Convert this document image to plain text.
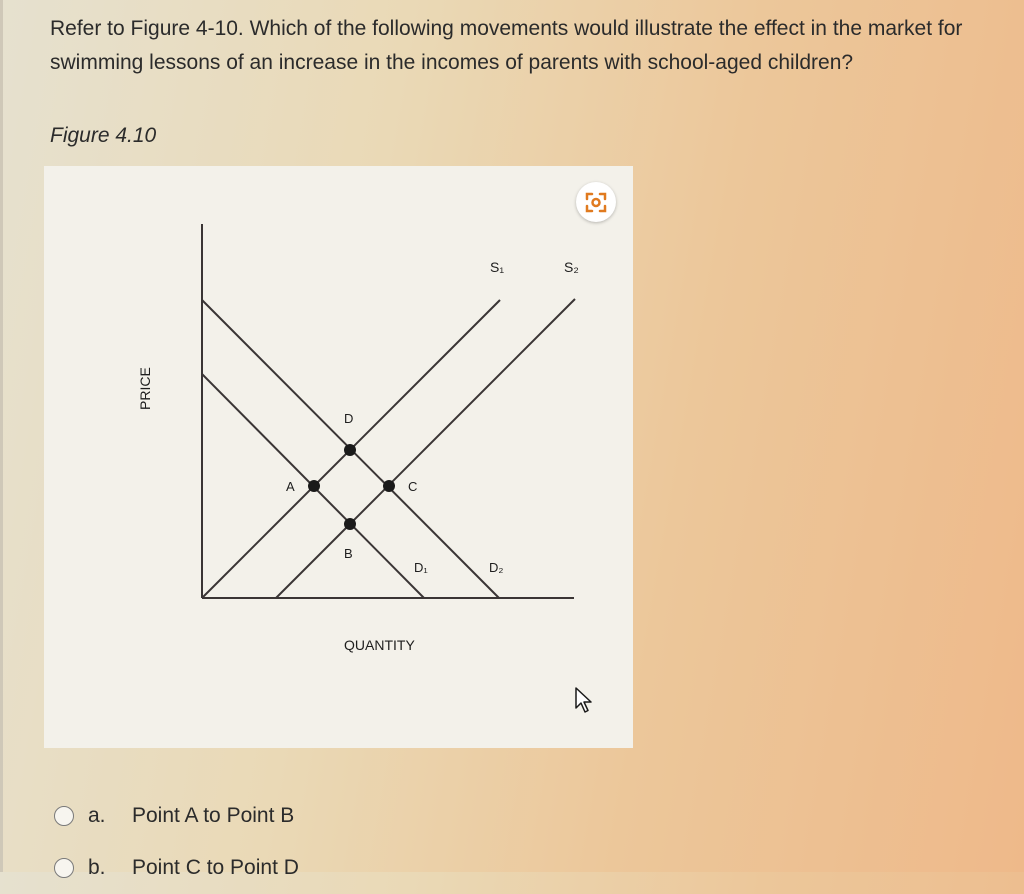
Refer to Figure 4-10. Which of the following movements would illustrate the effect in the market for swimming lessons of an increase in the incomes of parents with school-aged children?

Figure 4.10

A
B
C
D
S₁	S₂
D₁	D₂
PRICE
QUANTITY
a.	Point A to Point B
b.	Point C to Point D
